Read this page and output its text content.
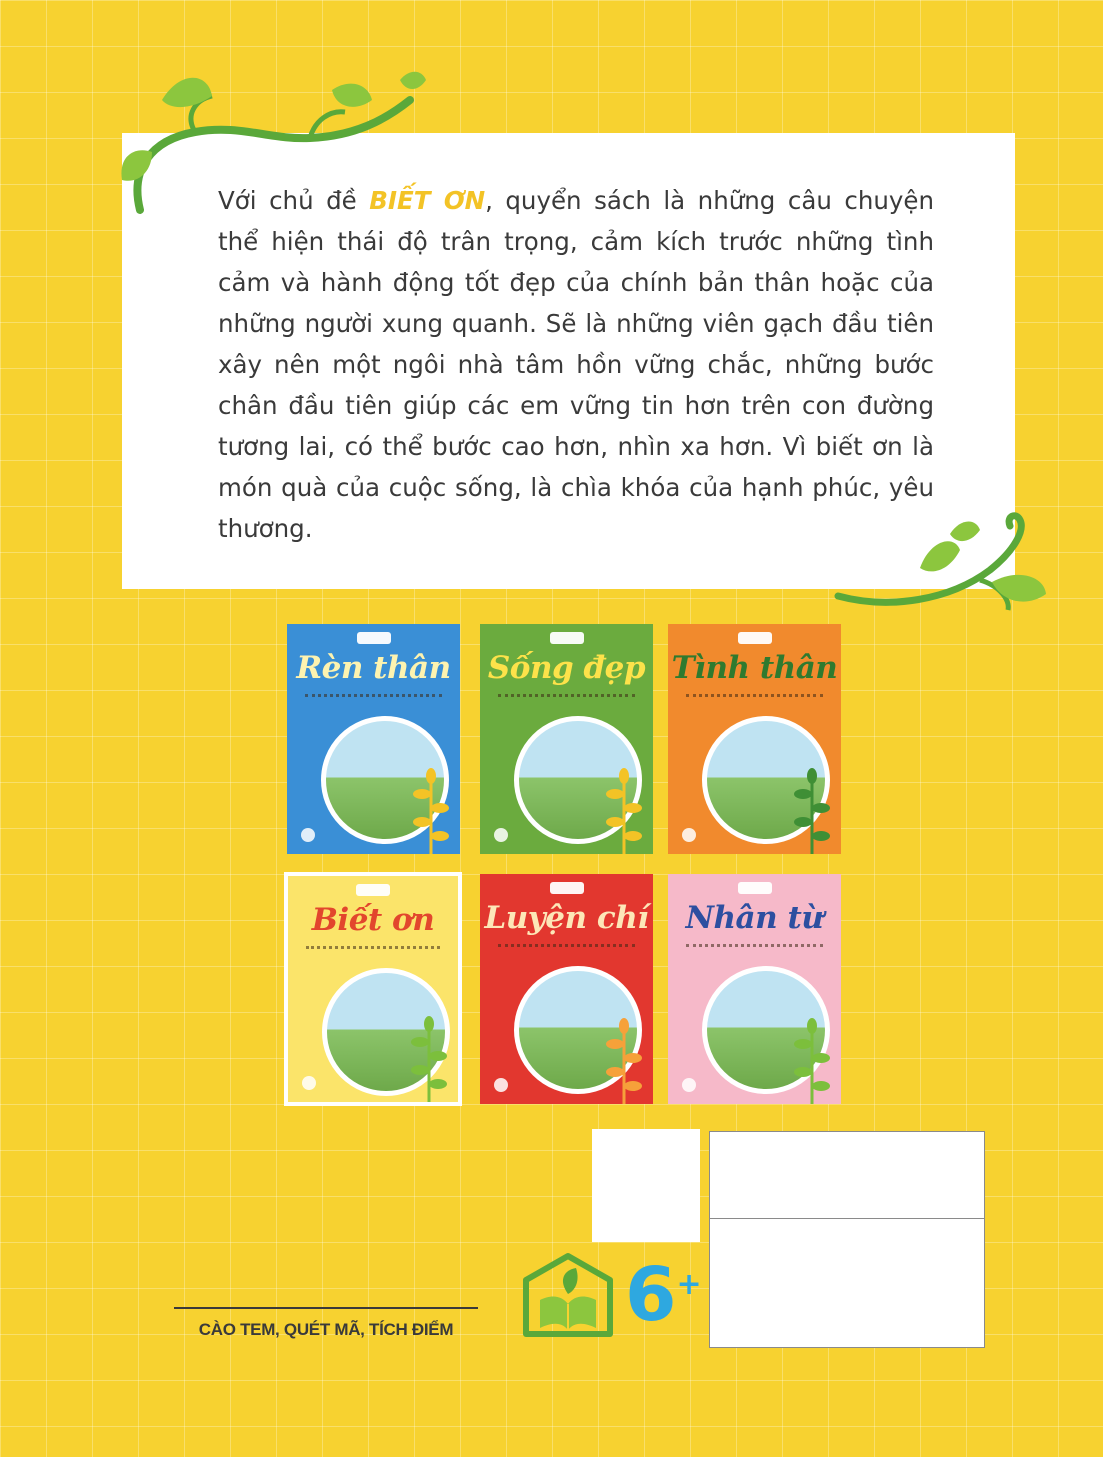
Với chủ đề BIẾT ƠN, quyển sách là những câu chuyện thể hiện thái độ trân trọng, cảm kích trước những tình cảm và hành động tốt đẹp của chính bản thân hoặc của những người xung quanh. Sẽ là những viên gạch đầu tiên xây nên một ngôi nhà tâm hồn vững chắc, những bước chân đầu tiên giúp các em vững tin hơn trên con đường tương lai, có thể bước cao hơn, nhìn xa hơn. Vì biết ơn là món quà của cuộc sống, là chìa khóa của hạnh phúc, yêu thương.

Rèn thân	Sống đẹp Tình thân
Biết ơn	Luyện chí	Nhân từ
CÀO TEM, QUÉT MÃ, TÍCH ĐIỂM	6+
